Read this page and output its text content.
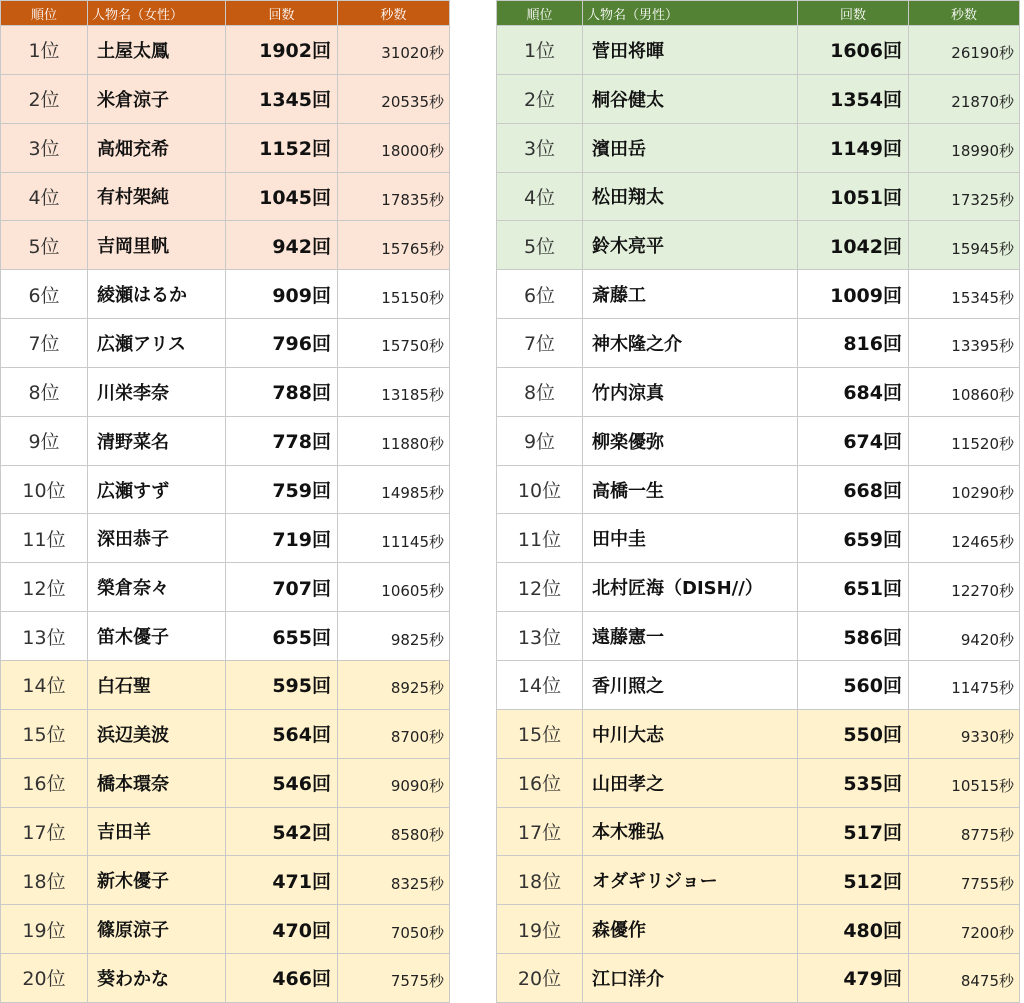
順位	人物名（女性）	回数	秒数
1位	土屋太鳳	1902回	31020秒
2位	米倉涼子	1345回	20535秒
3位	高畑充希	1152回	18000秒
4位	有村架純	1045回	17835秒
5位	吉岡里帆	942回	15765秒
6位	綾瀬はるか	909回	15150秒
7位	広瀬アリス	796回	15750秒
8位	川栄李奈	788回	13185秒
9位	清野菜名	778回	11880秒
10位	広瀬すず	759回	14985秒
11位	深田恭子	719回	11145秒
12位	榮倉奈々	707回	10605秒
13位	笛木優子	655回	9825秒
14位	白石聖	595回	8925秒
15位	浜辺美波	564回	8700秒
16位	橋本環奈	546回	9090秒
17位	吉田羊	542回	8580秒
18位	新木優子	471回	8325秒
19位	篠原涼子	470回	7050秒
20位	葵わかな	466回	7575秒
順位	人物名（男性）	回数	秒数
1位	菅田将暉	1606回	26190秒
2位	桐谷健太	1354回	21870秒
3位	濱田岳	1149回	18990秒
4位	松田翔太	1051回	17325秒
5位	鈴木亮平	1042回	15945秒
6位	斎藤工	1009回	15345秒
7位	神木隆之介	816回	13395秒
8位	竹内涼真	684回	10860秒
9位	柳楽優弥	674回	11520秒
10位	高橋一生	668回	10290秒
11位	田中圭	659回	12465秒
12位	北村匠海（DISH//）	651回	12270秒
13位	遠藤憲一	586回	9420秒
14位	香川照之	560回	11475秒
15位	中川大志	550回	9330秒
16位	山田孝之	535回	10515秒
17位	本木雅弘	517回	8775秒
18位	オダギリジョー	512回	7755秒
19位	森優作	480回	7200秒
20位	江口洋介	479回	8475秒
